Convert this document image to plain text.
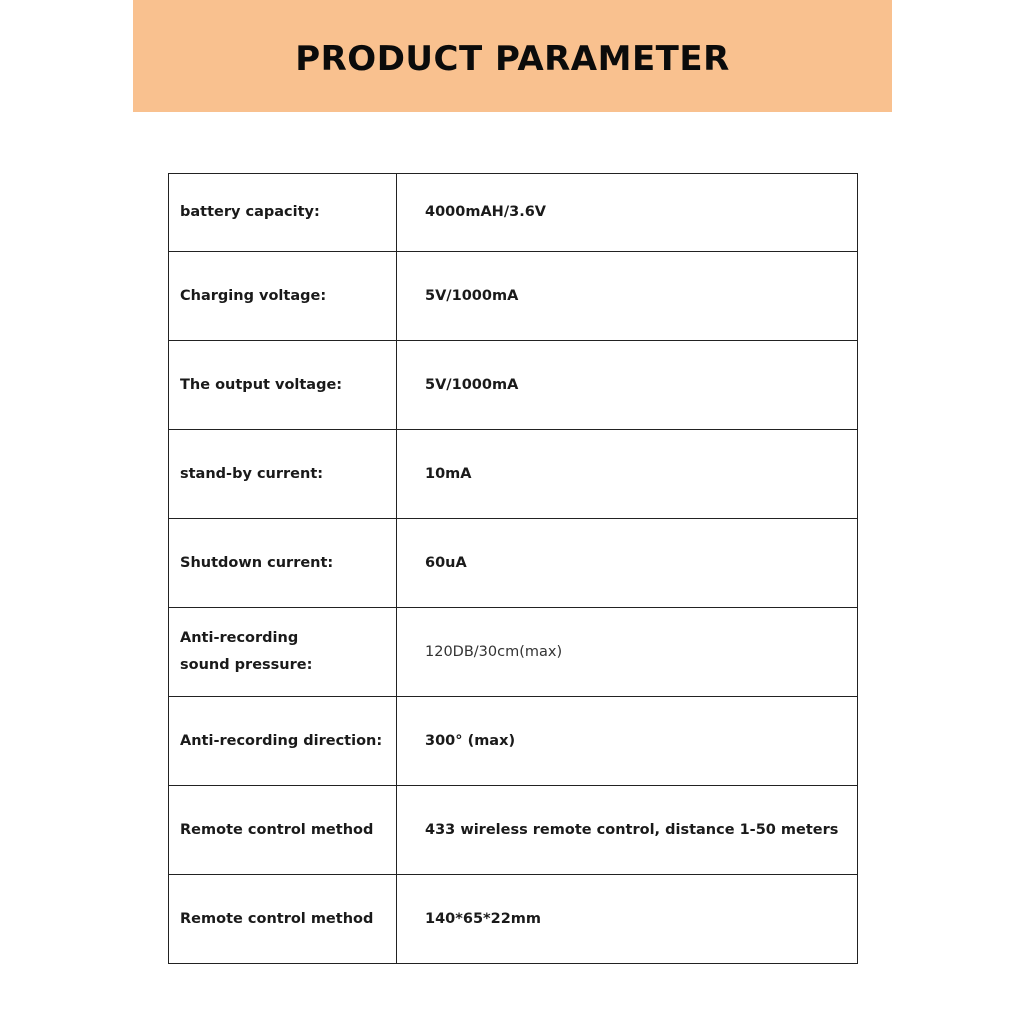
PRODUCT PARAMETER
battery capacity:	4000mAH/3.6V
Charging voltage:	5V/1000mA
The output voltage:	5V/1000mA
stand-by current:	10mA
Shutdown current:	60uA

Anti-recording
sound pressure:	120DB/30cm(max)
Anti-recording direction:	300° (max)
Remote control method	433 wireless remote control, distance 1-50 meters
Remote control method	140*65*22mm
